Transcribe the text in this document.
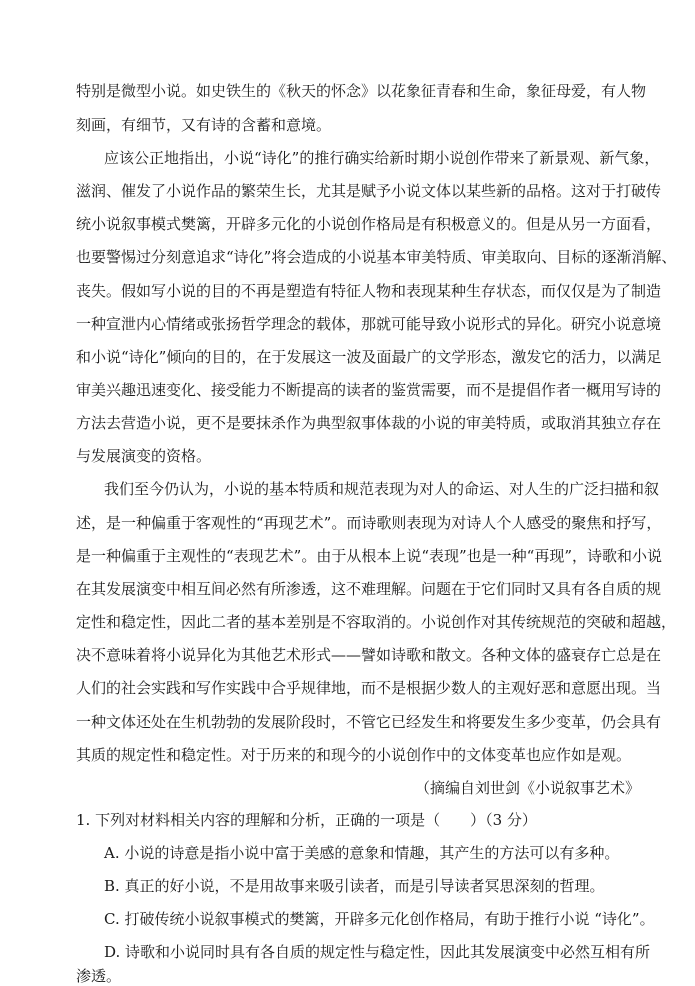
特别是微型小说。如史铁生的《秋天的怀念》以花象征青春和生命，象征母爱，有人物
刻画，有细节，又有诗的含蓄和意境。
应该公正地指出，小说“诗化”的推行确实给新时期小说创作带来了新景观、新气象，
滋润、催发了小说作品的繁荣生长，尤其是赋予小说文体以某些新的品格。这对于打破传
统小说叙事模式樊篱，开辟多元化的小说创作格局是有积极意义的。但是从另一方面看，
也要警惕过分刻意追求“诗化”将会造成的小说基本审美特质、审美取向、目标的逐渐消解、
丧失。假如写小说的目的不再是塑造有特征人物和表现某种生存状态，而仅仅是为了制造
一种宣泄内心情绪或张扬哲学理念的载体，那就可能导致小说形式的异化。研究小说意境
和小说“诗化”倾向的目的，在于发展这一波及面最广的文学形态，激发它的活力，以满足
审美兴趣迅速变化、接受能力不断提高的读者的鉴赏需要，而不是提倡作者一概用写诗的
方法去营造小说，更不是要抹杀作为典型叙事体裁的小说的审美特质，或取消其独立存在
与发展演变的资格。
我们至今仍认为，小说的基本特质和规范表现为对人的命运、对人生的广泛扫描和叙
述，是一种偏重于客观性的“再现艺术”。而诗歌则表现为对诗人个人感受的聚焦和抒写，
是一种偏重于主观性的“表现艺术”。由于从根本上说“表现”也是一种“再现”，诗歌和小说
在其发展演变中相互间必然有所渗透，这不难理解。问题在于它们同时又具有各自质的规
定性和稳定性，因此二者的基本差别是不容取消的。小说创作对其传统规范的突破和超越，
决不意味着将小说异化为其他艺术形式——譬如诗歌和散文。各种文体的盛衰存亡总是在
人们的社会实践和写作实践中合乎规律地，而不是根据少数人的主观好恶和意愿出现。当
一种文体还处在生机勃勃的发展阶段时，不管它已经发生和将要发生多少变革，仍会具有
其质的规定性和稳定性。对于历来的和现今的小说创作中的文体变革也应作如是观。
（摘编自刘世剑《小说叙事艺术》
1. 下列对材料相关内容的理解和分析，正确的一项是（　　）（3 分）
A. 小说的诗意是指小说中富于美感的意象和情趣，其产生的方法可以有多种。
B. 真正的好小说，不是用故事来吸引读者，而是引导读者冥思深刻的哲理。
C. 打破传统小说叙事模式的樊篱，开辟多元化创作格局，有助于推行小说 “诗化”。
D. 诗歌和小说同时具有各自质的规定性与稳定性，因此其发展演变中必然互相有所
渗透。
